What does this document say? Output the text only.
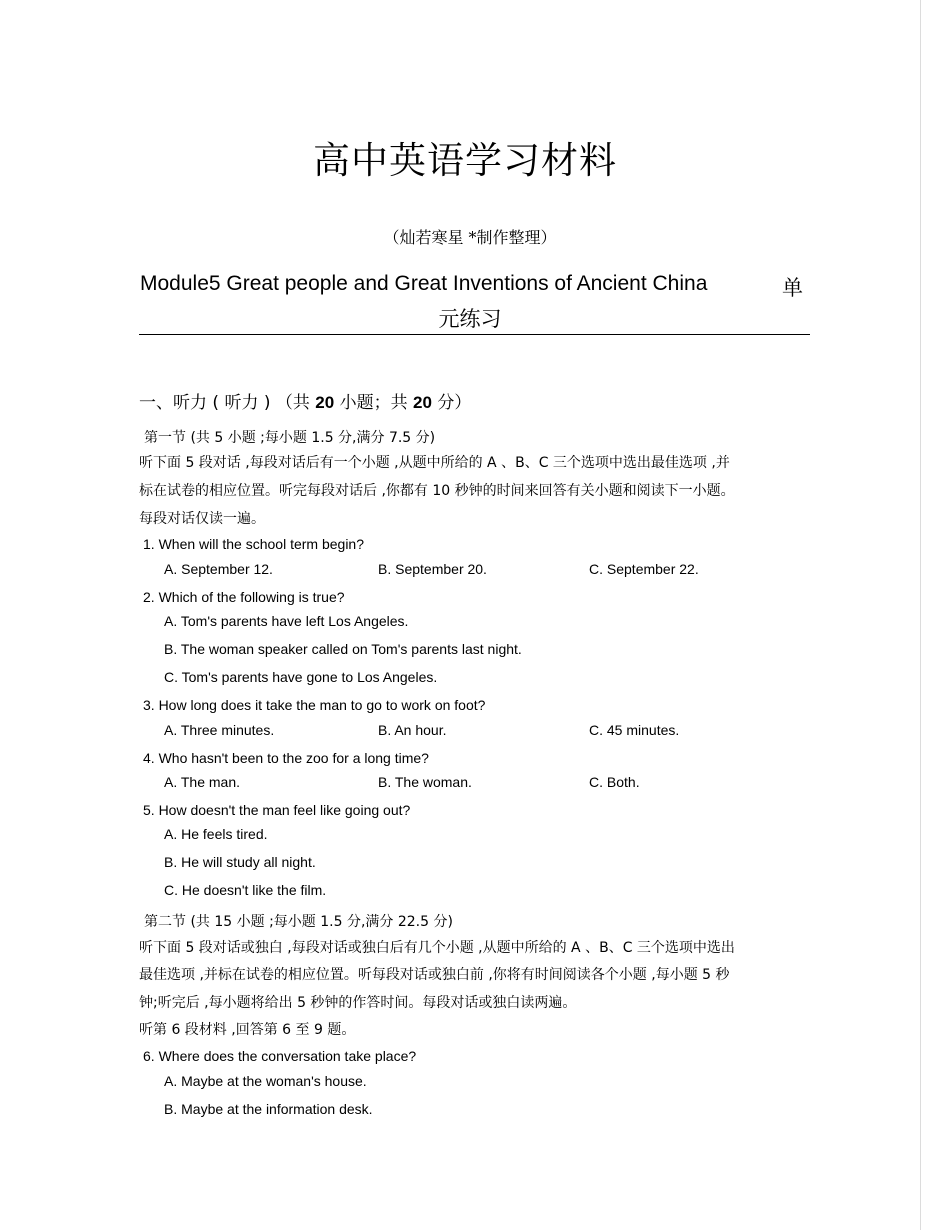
高中英语学习材料
（灿若寒星 *制作整理）
Module5 Great people and Great Inventions of Ancient China	单
元练习
一、听力 ( 听力 ) （共 20 小题；共 20 分）
第一节 (共 5 小题 ;每小题 1.5 分,满分 7.5 分)
听下面 5 段对话 ,每段对话后有一个小题 ,从题中所给的 A 、B、C 三个选项中选出最佳选项 ,并
标在试卷的相应位置。听完每段对话后 ,你都有 10 秒钟的时间来回答有关小题和阅读下一小题。
每段对话仅读一遍。
1. When will the school term begin?
A. September 12.	B. September 20.	C. September 22.
2. Which of the following is true?
A. Tom's parents have left Los Angeles.
B. The woman speaker called on Tom's parents last night.
C. Tom's parents have gone to Los Angeles.
3. How long does it take the man to go to work on foot?
A. Three minutes.	B. An hour.	C. 45 minutes.
4. Who hasn't been to the zoo for a long time?
A. The man.	B. The woman.	C. Both.
5. How doesn't the man feel like going out?
A. He feels tired.
B. He will study all night.
C. He doesn't like the film.
第二节 (共 15 小题 ;每小题 1.5 分,满分 22.5 分)
听下面 5 段对话或独白 ,每段对话或独白后有几个小题 ,从题中所给的 A 、B、C 三个选项中选出
最佳选项 ,并标在试卷的相应位置。听每段对话或独白前 ,你将有时间阅读各个小题 ,每小题 5 秒
钟;听完后 ,每小题将给出 5 秒钟的作答时间。每段对话或独白读两遍。
听第 6 段材料 ,回答第 6 至 9 题。
6. Where does the conversation take place?
A. Maybe at the woman's house.
B. Maybe at the information desk.
